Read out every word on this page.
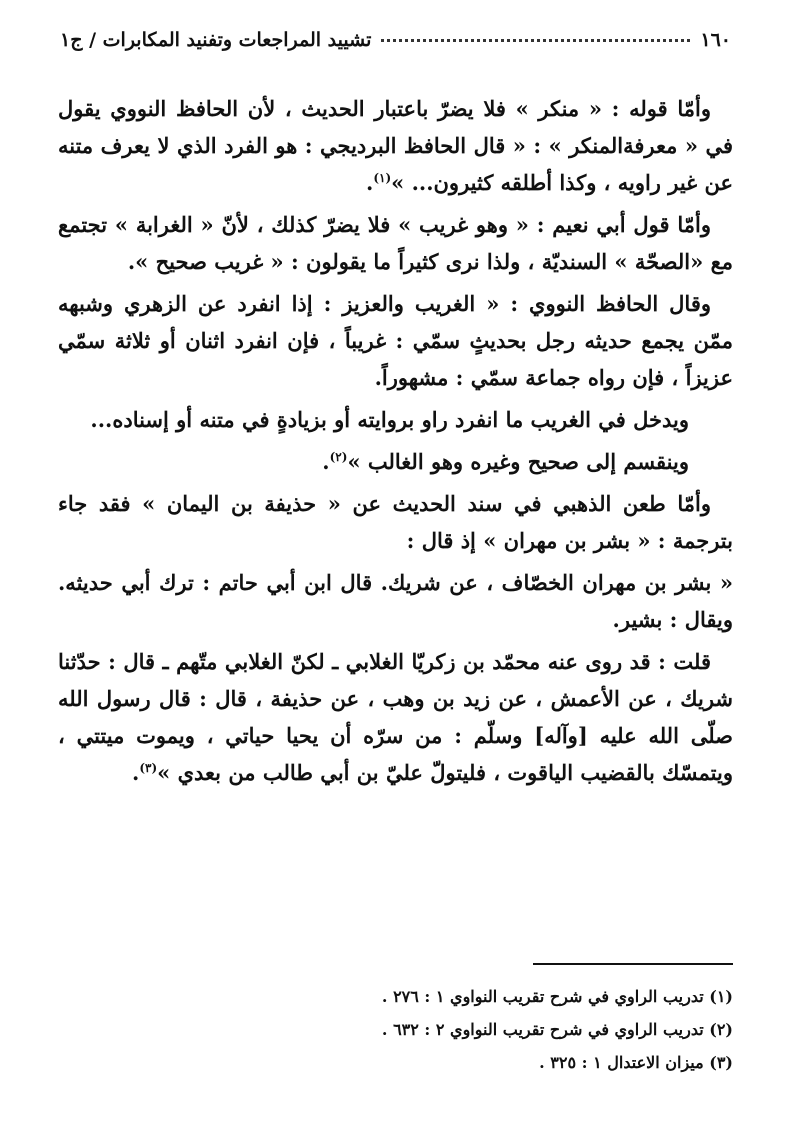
١٦٠
تشييد المراجعات وتفنيد المكابرات / ج١

وأمّا قوله : « منكر » فلا يضرّ باعتبار الحديث ، لأن الحافظ النووي يقول في « معرفةالمنكر » : « قال الحافظ البرديجي : هو الفرد الذي لا يعرف متنه عن غير راويه ، وكذا أطلقه كثيرون... »$^{(١)}$.

وأمّا قول أبي نعيم : « وهو غريب » فلا يضرّ كذلك ، لأنّ « الغرابة » تجتمع مع «الصحّة » السنديّة ، ولذا نرى كثيراً ما يقولون : « غريب صحيح ».

وقال الحافظ النووي : « الغريب والعزيز : إذا انفرد عن الزهري وشبهه ممّن يجمع حديثه رجل بحديثٍ سمّي : غريباً ، فإن انفرد اثنان أو ثلاثة سمّي عزيزاً ، فإن رواه جماعة سمّي : مشهوراً.

ويدخل في الغريب ما انفرد راو بروايته أو بزيادةٍ في متنه أو إسناده...

وينقسم إلى صحيح وغيره وهو الغالب »$^{(٢)}$.

وأمّا طعن الذهبي في سند الحديث عن « حذيفة بن اليمان » فقد جاء بترجمة : « بشر بن مهران » إذ قال :

« بشر بن مهران الخصّاف ، عن شريك. قال ابن أبي حاتم : ترك أبي حديثه. ويقال : بشير.

قلت : قد روى عنه محمّد بن زكريّا الغلابي ـ لكنّ الغلابي متّهم ـ قال : حدّثنا شريك ، عن الأعمش ، عن زيد بن وهب ، عن حذيفة ، قال : قال رسول الله صلّى الله عليه [وآله] وسلّم : من سرّه أن يحيا حياتي ، ويموت ميتتي ، ويتمسّك بالقضيب الياقوت ، فليتولّ عليّ بن أبي طالب من بعدي »$^{(٣)}$.

(١) تدريب الراوي في شرح تقريب النواوي ١ : ٢٧٦ .
(٢) تدريب الراوي في شرح تقريب النواوي ٢ : ٦٣٢ .
(٣) ميزان الاعتدال ١ : ٣٢٥ .
